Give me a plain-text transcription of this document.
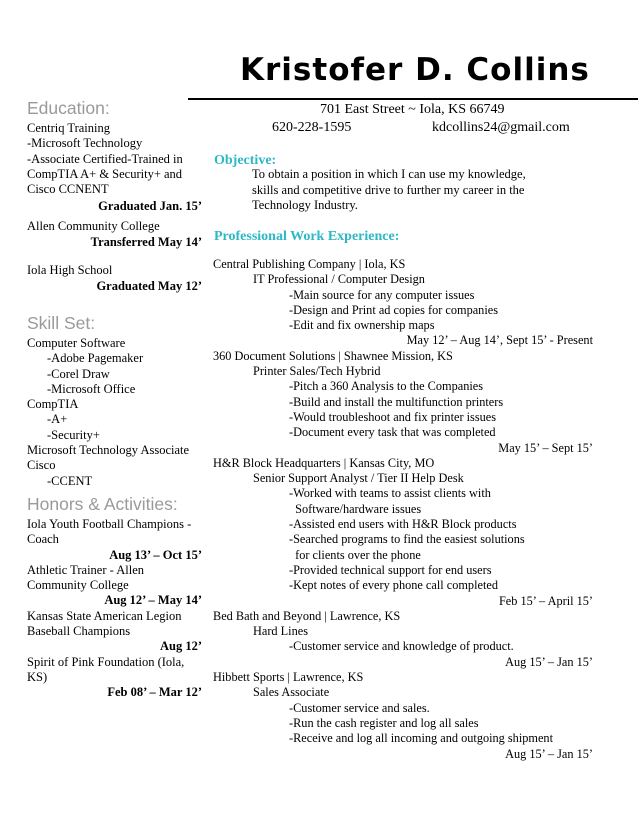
Kristofer D. Collins
701 East Street ~ Iola, KS 66749
620-228-1595	kdcollins24@gmail.com
Education:
Centriq Training
-Microsoft Technology
-Associate Certified-Trained in
CompTIA A+ & Security+ and
Cisco CCNENT
Graduated Jan. 15’
Allen Community College
Transferred May 14’
Iola High School
Graduated May 12’
Skill Set:
Computer Software
-Adobe Pagemaker
-Corel Draw
-Microsoft Office
CompTIA
-A+
-Security+
Microsoft Technology Associate
Cisco
-CCENT
Honors & Activities:
Iola Youth Football Champions -
Coach
Aug 13’ – Oct 15’
Athletic Trainer - Allen
Community College
Aug 12’ – May 14’
Kansas State American Legion
Baseball Champions
Aug 12’
Spirit of Pink Foundation (Iola,
KS)
Feb 08’ – Mar 12’
Objective:
To obtain a position in which I can use my knowledge, skills and competitive drive to further my career in the Technology Industry.
Professional Work Experience:
Central Publishing Company | Iola, KS
IT Professional / Computer Design
-Main source for any computer issues
-Design and Print ad copies for companies
-Edit and fix ownership maps
May 12’ – Aug 14’, Sept 15’ - Present
360 Document Solutions | Shawnee Mission, KS
Printer Sales/Tech Hybrid
-Pitch a 360 Analysis to the Companies
-Build and install the multifunction printers
-Would troubleshoot and fix printer issues
-Document every task that was completed
May 15’ – Sept 15’
H&R Block Headquarters | Kansas City, MO
Senior Support Analyst / Tier II Help Desk
-Worked with teams to assist clients with
Software/hardware issues
-Assisted end users with H&R Block products
-Searched programs to find the easiest solutions
for clients over the phone
-Provided technical support for end users
-Kept notes of every phone call completed
Feb 15’ – April 15’
Bed Bath and Beyond | Lawrence, KS
Hard Lines
-Customer service and knowledge of product.
Aug 15’ – Jan 15’
Hibbett Sports | Lawrence, KS
Sales Associate
-Customer service and sales.
-Run the cash register and log all sales
-Receive and log all incoming and outgoing shipment
Aug 15’ – Jan 15’
